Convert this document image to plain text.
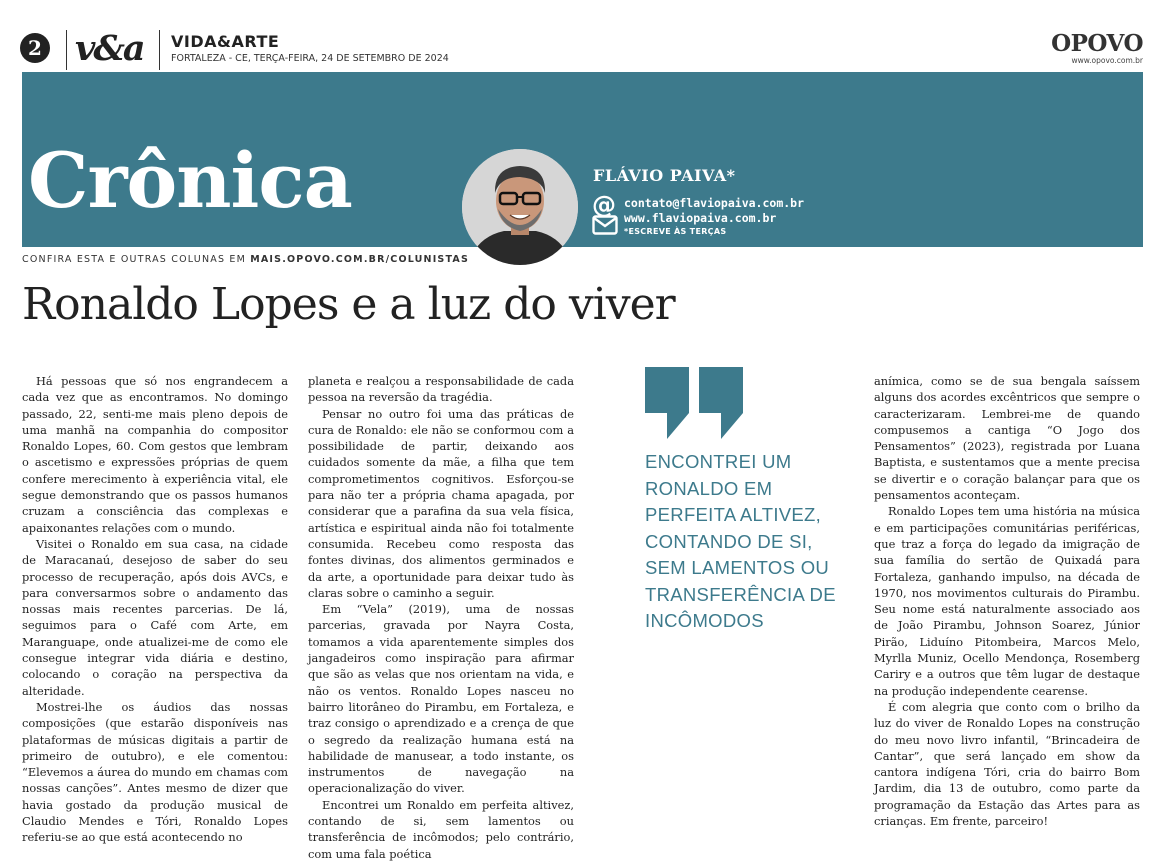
2 v&a VIDA&ARTE
FORTALEZA - CE, TERÇA-FEIRA, 24 DE SETEMBRO DE 2024
OPOVO
www.opovo.com.br
Crônica	FLÁVIO PAIVA*
@ contato@flaviopaiva.com.br
www.flaviopaiva.com.br
*ESCREVE ÀS TERÇAS
CONFIRA ESTA E OUTRAS COLUNAS EM MAIS.OPOVO.COM.BR/COLUNISTAS
Ronaldo Lopes e a luz do viver

Há pessoas que só nos engrandecem a cada vez que as encontramos. No domingo passado, 22, senti-me mais pleno depois de uma manhã na companhia do compositor Ronaldo Lopes, 60. Com gestos que lembram o ascetismo e expressões próprias de quem confere merecimento à experiência vital, ele segue demonstrando que os passos humanos cruzam a consciência das complexas e apaixonantes relações com o mundo.

Visitei o Ronaldo em sua casa, na cidade de Maracanaú, desejoso de saber do seu processo de recuperação, após dois AVCs, e para conversarmos sobre o andamento das nossas mais recentes parcerias. De lá, seguimos para o Café com Arte, em Maranguape, onde atualizei-me de como ele consegue integrar vida diária e destino, colocando o coração na perspectiva da alteridade.

Mostrei-lhe os áudios das nossas composições (que estarão disponíveis nas plataformas de músicas digitais a partir de primeiro de outubro), e ele comentou: “Elevemos a áurea do mundo em chamas com nossas canções”. Antes mesmo de dizer que havia gostado da produção musical de Claudio Mendes e Tóri, Ronaldo Lopes referiu-se ao que está acontecendo no

planeta e realçou a responsabilidade de cada pessoa na reversão da tragédia.

Pensar no outro foi uma das práticas de cura de Ronaldo: ele não se conformou com a possibilidade de partir, deixando aos cuidados somente da mãe, a filha que tem comprometimentos cognitivos. Esforçou-se para não ter a própria chama apagada, por considerar que a parafina da sua vela física, artística e espiritual ainda não foi totalmente consumida. Recebeu como resposta das fontes divinas, dos alimentos germinados e da arte, a oportunidade para deixar tudo às claras sobre o caminho a seguir.

Em “Vela” (2019), uma de nossas parcerias, gravada por Nayra Costa, tomamos a vida aparentemente simples dos jangadeiros como inspiração para afirmar que são as velas que nos orientam na vida, e não os ventos. Ronaldo Lopes nasceu no bairro litorâneo do Pirambu, em Fortaleza, e traz consigo o aprendizado e a crença de que o segredo da realização humana está na habilidade de manusear, a todo instante, os instrumentos de navegação na operacionalização do viver.

Encontrei um Ronaldo em perfeita altivez, contando de si, sem lamentos ou transferência de incômodos; pelo contrário, com uma fala poética

ENCONTREI UM RONALDO EM PERFEITA ALTIVEZ, CONTANDO DE SI, SEM LAMENTOS OU TRANSFERÊNCIA DE INCÔMODOS

anímica, como se de sua bengala saíssem alguns dos acordes excêntricos que sempre o caracterizaram. Lembrei-me de quando compusemos a cantiga “O Jogo dos Pensamentos” (2023), registrada por Luana Baptista, e sustentamos que a mente precisa se divertir e o coração balançar para que os pensamentos aconteçam.

Ronaldo Lopes tem uma história na música e em participações comunitárias periféricas, que traz a força do legado da imigração de sua família do sertão de Quixadá para Fortaleza, ganhando impulso, na década de 1970, nos movimentos culturais do Pirambu. Seu nome está naturalmente associado aos de João Pirambu, Johnson Soarez, Júnior Pirão, Liduíno Pitombeira, Marcos Melo, Myrlla Muniz, Ocello Mendonça, Rosemberg Cariry e a outros que têm lugar de destaque na produção independente cearense.

É com alegria que conto com o brilho da luz do viver de Ronaldo Lopes na construção do meu novo livro infantil, “Brincadeira de Cantar”, que será lançado em show da cantora indígena Tóri, cria do bairro Bom Jardim, dia 13 de outubro, como parte da programação da Estação das Artes para as crianças. Em frente, parceiro!
